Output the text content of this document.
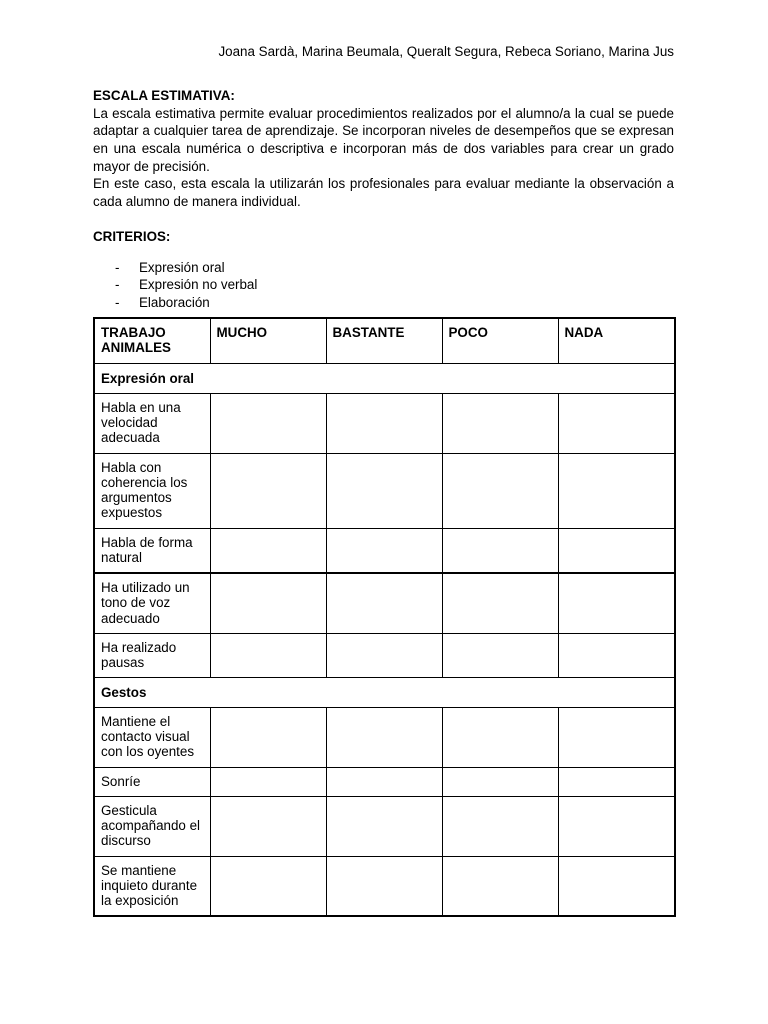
Joana Sardà, Marina Beumala, Queralt Segura, Rebeca Soriano, Marina Jus

ESCALA ESTIMATIVA:

La escala estimativa permite evaluar procedimientos realizados por el alumno/a la cual se puede adaptar a cualquier tarea de aprendizaje. Se incorporan niveles de desempeños que se expresan en una escala numérica o descriptiva e incorporan más de dos variables para crear un grado mayor de precisión.

En este caso, esta escala la utilizarán los profesionales para evaluar mediante la observación a cada alumno de manera individual.

CRITERIOS:

- Expresión oral
- Expresión no verbal
- Elaboración
TRABAJO ANIMALES	MUCHO	BASTANTE	POCO	NADA
Expresión oral				
Habla en una velocidad adecuada				
Habla con coherencia los argumentos expuestos				
Habla de forma natural				
Ha utilizado un tono de voz adecuado				
Ha realizado pausas				
Gestos				
Mantiene el contacto visual con los oyentes				
Sonríe				
Gesticula acompañando el discurso				
Se mantiene inquieto durante la exposición				
